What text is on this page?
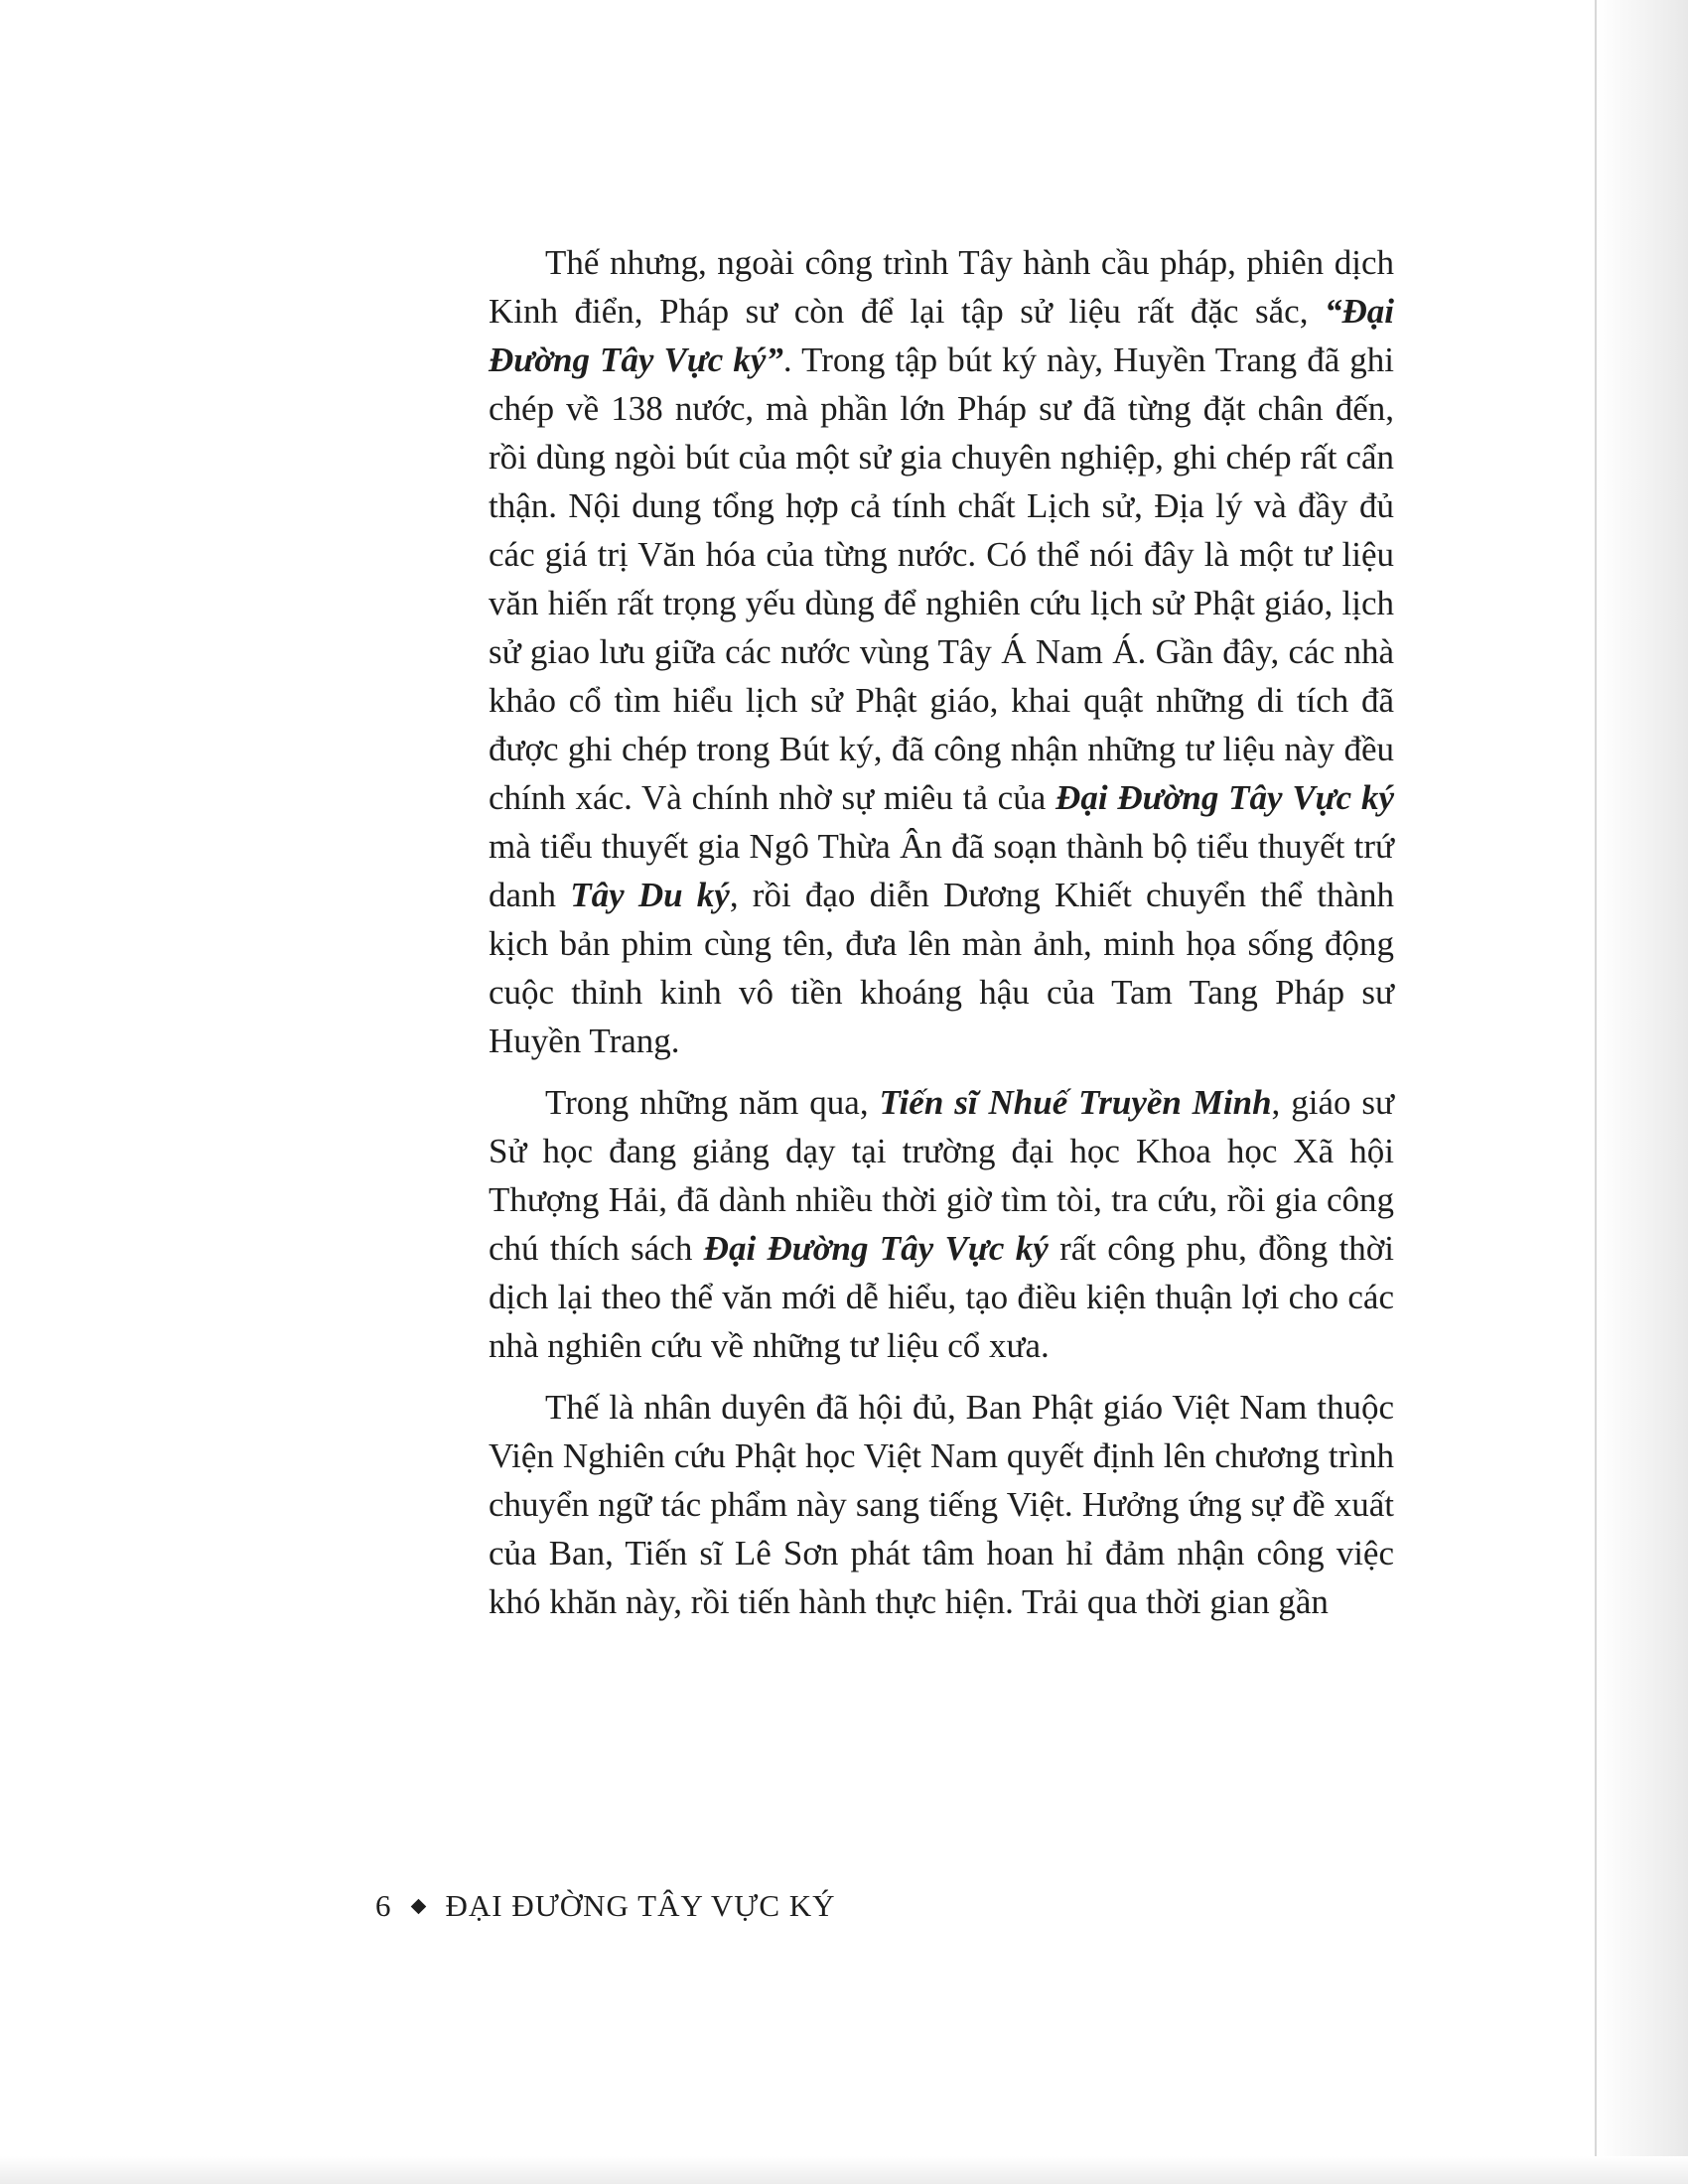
Thế nhưng, ngoài công trình Tây hành cầu pháp, phiên dịch Kinh điển, Pháp sư còn để lại tập sử liệu rất đặc sắc, “Đại Đường Tây Vực ký”. Trong tập bút ký này, Huyền Trang đã ghi chép về 138 nước, mà phần lớn Pháp sư đã từng đặt chân đến, rồi dùng ngòi bút của một sử gia chuyên nghiệp, ghi chép rất cẩn thận. Nội dung tổng hợp cả tính chất Lịch sử, Địa lý và đầy đủ các giá trị Văn hóa của từng nước. Có thể nói đây là một tư liệu văn hiến rất trọng yếu dùng để nghiên cứu lịch sử Phật giáo, lịch sử giao lưu giữa các nước vùng Tây Á Nam Á. Gần đây, các nhà khảo cổ tìm hiểu lịch sử Phật giáo, khai quật những di tích đã được ghi chép trong Bút ký, đã công nhận những tư liệu này đều chính xác. Và chính nhờ sự miêu tả của Đại Đường Tây Vực ký mà tiểu thuyết gia Ngô Thừa Ân đã soạn thành bộ tiểu thuyết trứ danh Tây Du ký, rồi đạo diễn Dương Khiết chuyển thể thành kịch bản phim cùng tên, đưa lên màn ảnh, minh họa sống động cuộc thỉnh kinh vô tiền khoáng hậu của Tam Tang Pháp sư Huyền Trang.

Trong những năm qua, Tiến sĩ Nhuế Truyền Minh, giáo sư Sử học đang giảng dạy tại trường đại học Khoa học Xã hội Thượng Hải, đã dành nhiều thời giờ tìm tòi, tra cứu, rồi gia công chú thích sách Đại Đường Tây Vực ký rất công phu, đồng thời dịch lại theo thể văn mới dễ hiểu, tạo điều kiện thuận lợi cho các nhà nghiên cứu về những tư liệu cổ xưa.

Thế là nhân duyên đã hội đủ, Ban Phật giáo Việt Nam thuộc Viện Nghiên cứu Phật học Việt Nam quyết định lên chương trình chuyển ngữ tác phẩm này sang tiếng Việt. Hưởng ứng sự đề xuất của Ban, Tiến sĩ Lê Sơn phát tâm hoan hỉ đảm nhận công việc khó khăn này, rồi tiến hành thực hiện. Trải qua thời gian gần

6 ĐẠI ĐƯỜNG TÂY VỰC KÝ
